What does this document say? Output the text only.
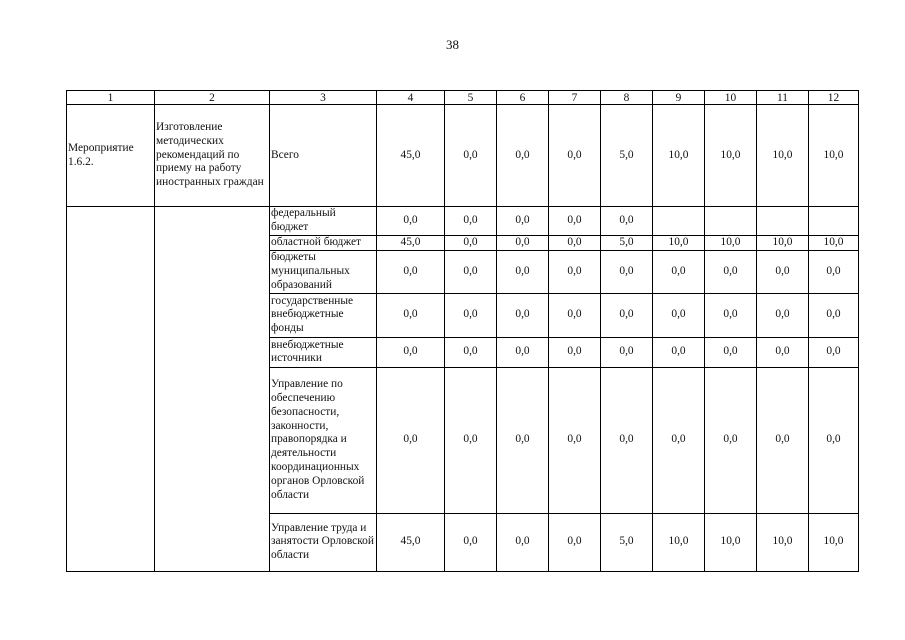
38
1	2	3	4	5	6	7	8	9	10	11	12
Мероприятие 1.6.2.	Изготовление методических рекомендаций по приему на работу иностранных граждан	Всего	45,0	0,0	0,0	0,0	5,0	10,0	10,0	10,0	10,0
		федеральный бюджет	0,0	0,0	0,0	0,0	0,0				
		областной бюджет	45,0	0,0	0,0	0,0	5,0	10,0	10,0	10,0	10,0
		бюджеты муниципальных образований	0,0	0,0	0,0	0,0	0,0	0,0	0,0	0,0	0,0
		государственные внебюджетные фонды	0,0	0,0	0,0	0,0	0,0	0,0	0,0	0,0	0,0
		внебюджетные источники	0,0	0,0	0,0	0,0	0,0	0,0	0,0	0,0	0,0
		Управление по обеспечению безопасности, законности, правопорядка и деятельности координационных органов Орловской области	0,0	0,0	0,0	0,0	0,0	0,0	0,0	0,0	0,0
		Управление труда и занятости Орловской области	45,0	0,0	0,0	0,0	5,0	10,0	10,0	10,0	10,0
